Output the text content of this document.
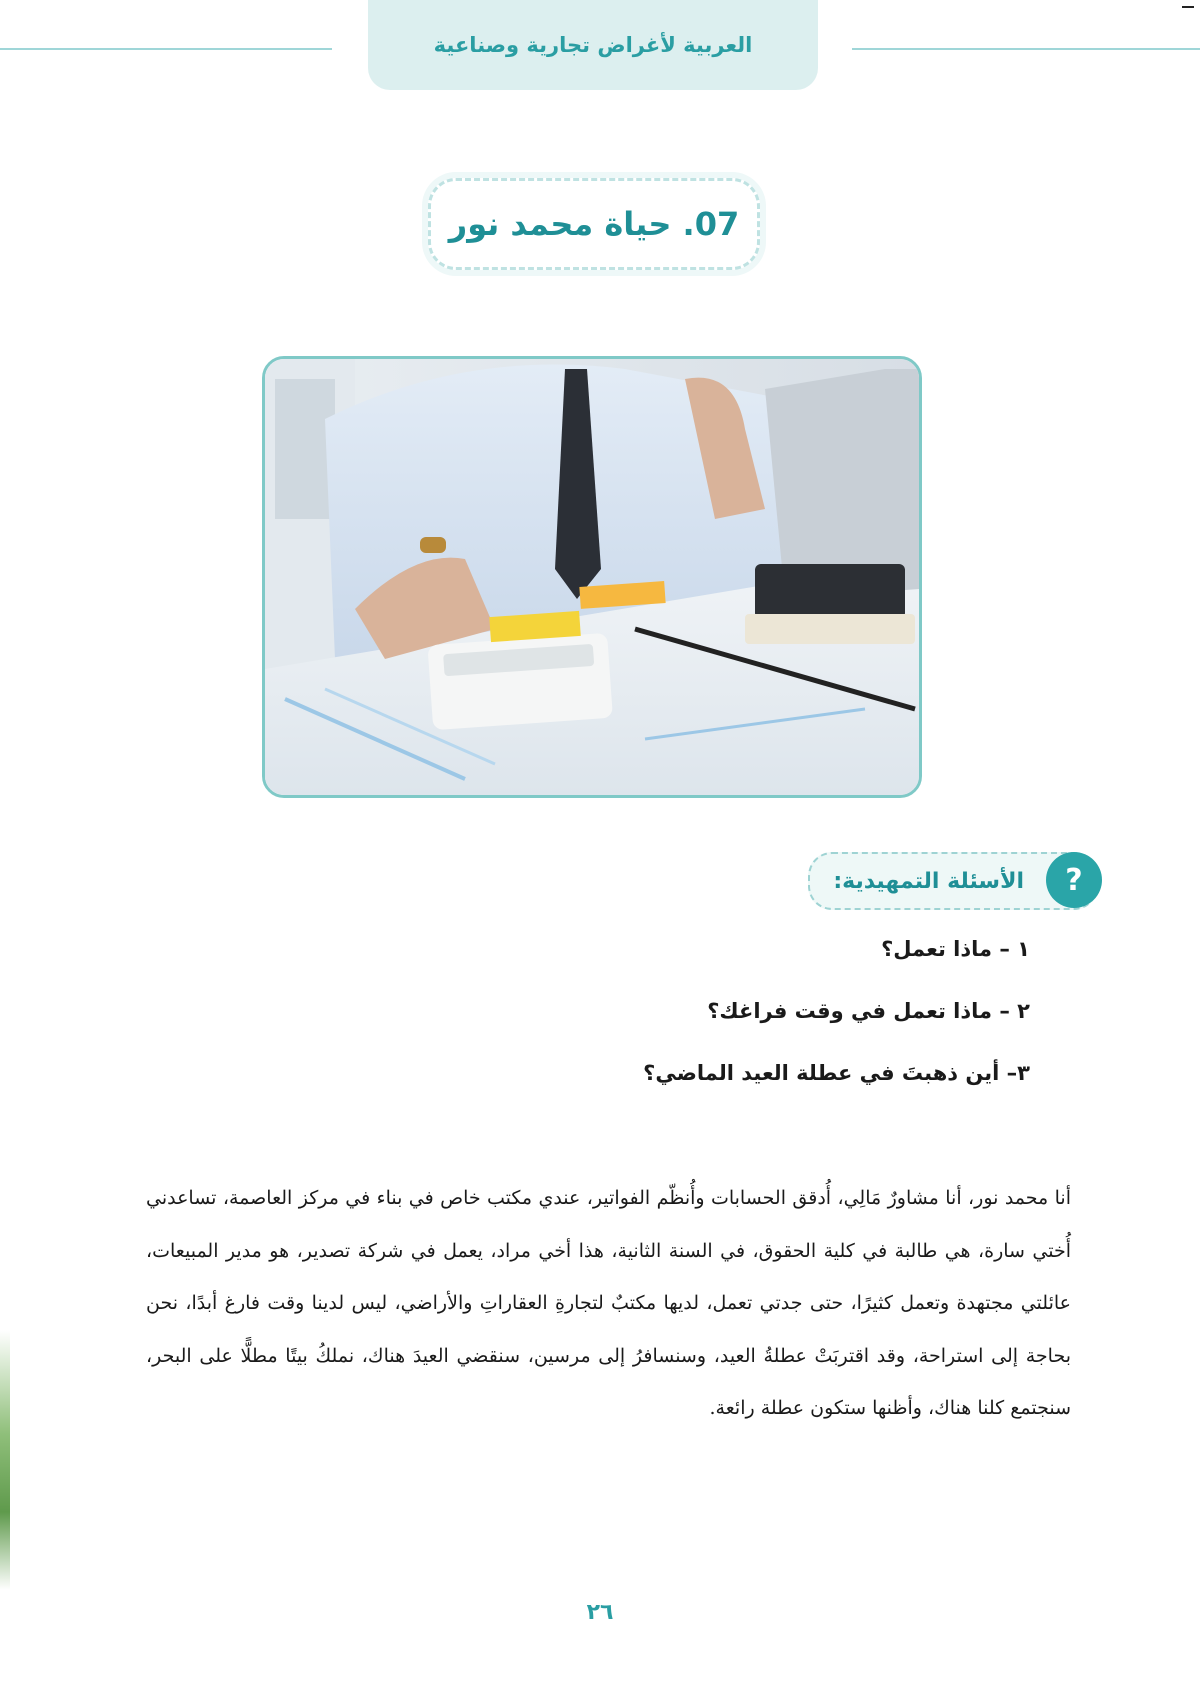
العربية لأغراض تجارية وصناعية
07. حياة محمد نور
الأسئلة التمهيدية: ?
١ – ماذا تعمل؟
٢ – ماذا تعمل في وقت فراغك؟
٣– أين ذهبتَ في عطلة العيد الماضي؟

أنا محمد نور، أنا مشاورٌ مَالِي، أُدقق الحسابات وأُنظّم الفواتير، عندي مكتب خاص في بناء في مركز العاصمة، تساعدني أُختي سارة، هي طالبة في كلية الحقوق، في السنة الثانية، هذا أخي مراد، يعمل في شركة تصدير، هو مدير المبيعات، عائلتي مجتهدة وتعمل كثيرًا، حتى جدتي تعمل، لديها مكتبٌ لتجارةِ العقاراتِ والأراضي، ليس لدينا وقت فارغ أبدًا، نحن بحاجة إلى استراحة، وقد اقتربَتْ عطلةُ العيد، وسنسافرُ إلى مرسين، سنقضي العيدَ هناك، نملكُ بيتًا مطلًّا على البحر، سنجتمع كلنا هناك، وأظنها ستكون عطلة رائعة.

٢٦
